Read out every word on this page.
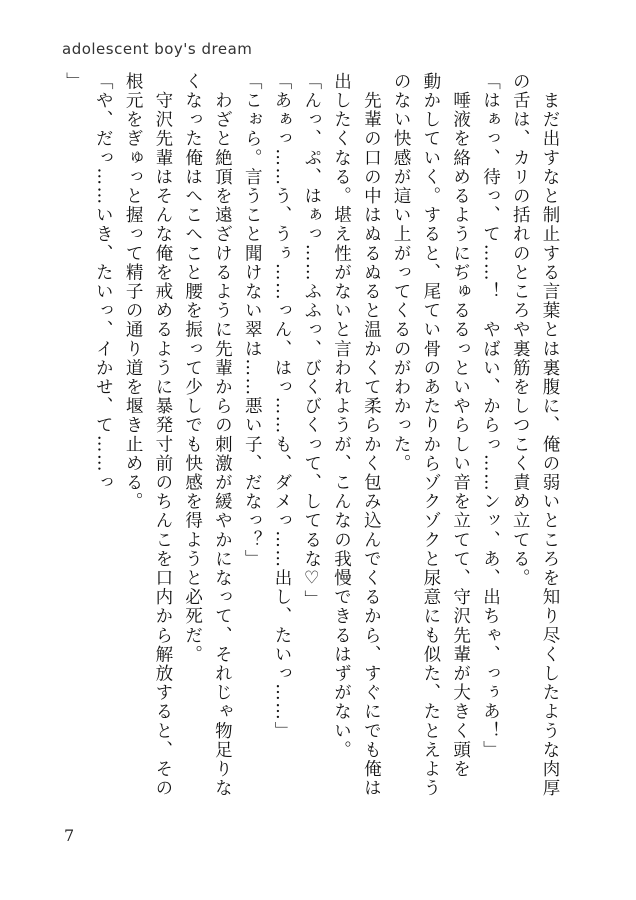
adolescent boy's dream
　まだ出すなと制止する言葉とは裏腹に、俺の弱いところを知り尽くしたような肉厚
の舌は、カリの括れのところや裏筋をしつこく責め立てる。
「はぁっ、待っ、て……！　やばい、からっ……ンッ、あ、出ちゃ、っぅあ！」
　唾液を絡めるようにぢゅるるっといやらしい音を立てて、守沢先輩が大きく頭を
動かしていく。すると、尾てい骨のあたりからゾクゾクと尿意にも似た、たとえよう
のない快感が這い上がってくるのがわかった。
　先輩の口の中はぬるぬると温かくて柔らかく包み込んでくるから、すぐにでも俺は
出したくなる。堪え性がないと言われようが、こんなの我慢できるはずがない。
「んっ、ぷ、はぁっ……ふふっ、びくびくって、してるな♡」
「あぁっ……う、うぅ……っん、はっ……も、ダメっ……出し、たいっ……」
「こぉら。言うこと聞けない翠は……悪い子、だなっ？」
　わざと絶頂を遠ざけるように先輩からの刺激が緩やかになって、それじゃ物足りな
くなった俺はへこへこと腰を振って少しでも快感を得ようと必死だ。
　守沢先輩はそんな俺を戒めるように暴発寸前のちんこを口内から解放すると、その
根元をぎゅっと握って精子の通り道を堰き止める。
「や、だっ……いき、たいっ、イかせ、て……っ
」
7
